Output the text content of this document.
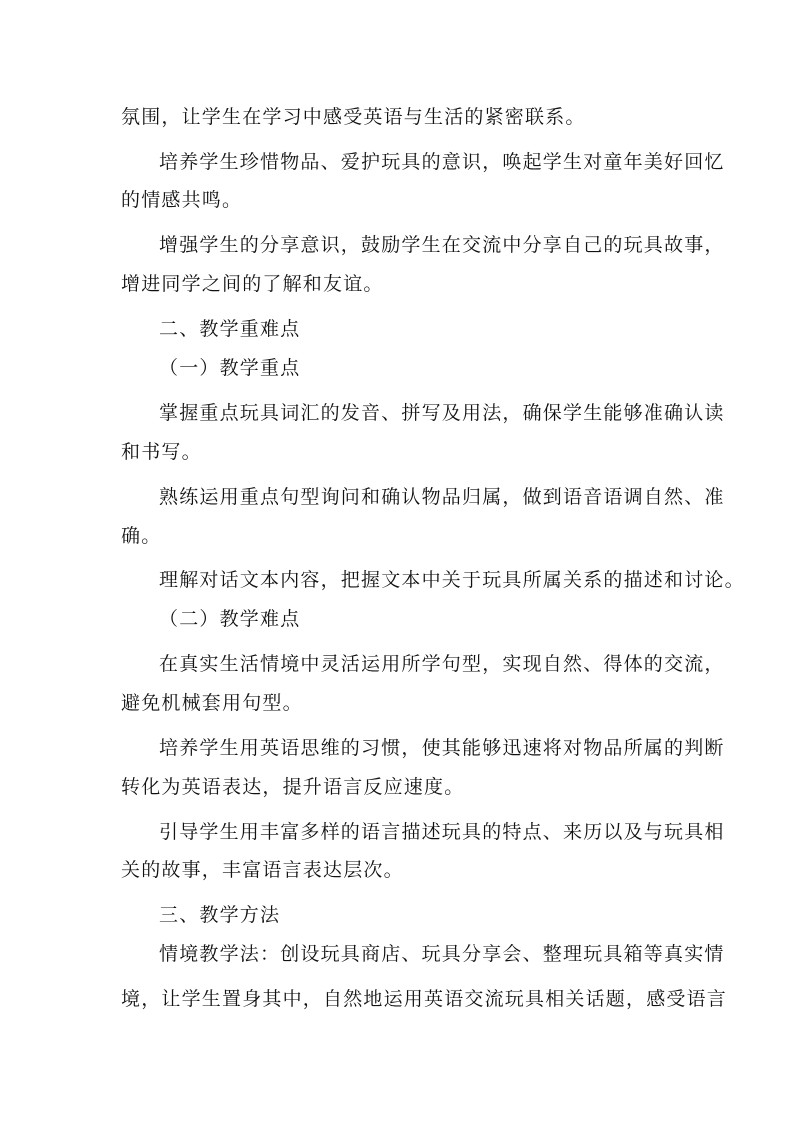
氛围，让学生在学习中感受英语与生活的紧密联系。
培养学生珍惜物品、爱护玩具的意识，唤起学生对童年美好回忆
的情感共鸣。
增强学生的分享意识，鼓励学生在交流中分享自己的玩具故事，
增进同学之间的了解和友谊。
二、教学重难点
（一）教学重点
掌握重点玩具词汇的发音、拼写及用法，确保学生能够准确认读
和书写。
熟练运用重点句型询问和确认物品归属，做到语音语调自然、准
确。
理解对话文本内容，把握文本中关于玩具所属关系的描述和讨论。
（二）教学难点
在真实生活情境中灵活运用所学句型，实现自然、得体的交流，
避免机械套用句型。
培养学生用英语思维的习惯，使其能够迅速将对物品所属的判断
转化为英语表达，提升语言反应速度。
引导学生用丰富多样的语言描述玩具的特点、来历以及与玩具相
关的故事，丰富语言表达层次。
三、教学方法
情境教学法：创设玩具商店、玩具分享会、整理玩具箱等真实情
境，让学生置身其中，自然地运用英语交流玩具相关话题，感受语言
